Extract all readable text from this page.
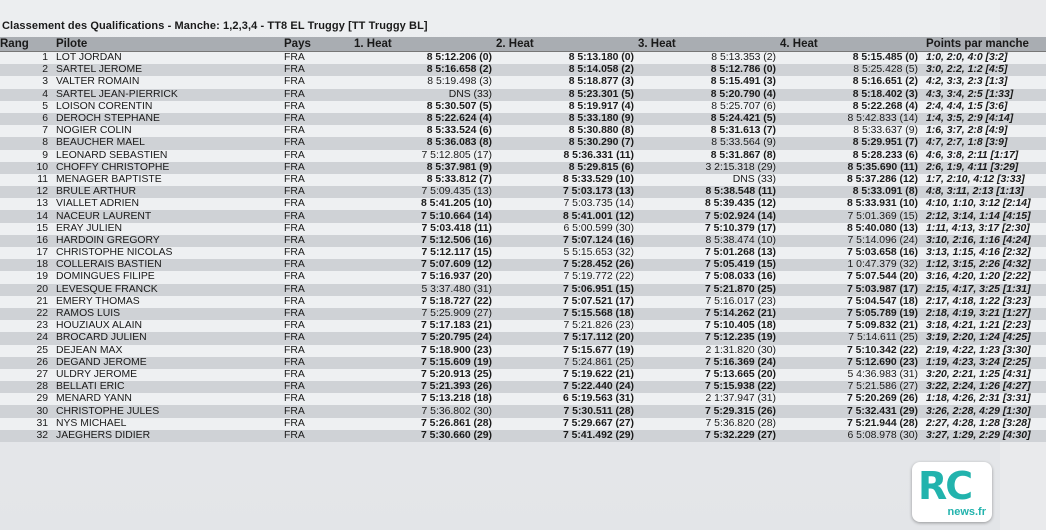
Classement des Qualifications - Manche: 1,2,3,4 - TT8 EL Truggy [TT Truggy BL]
Rang	Pilote	Pays	1. Heat	2. Heat	3. Heat	4. Heat	Points par manche
1	LOT JORDAN	FRA	8 5:12.206 (0)	8 5:13.180 (0)	8 5:13.353 (2)	8 5:15.485 (0)	1:0, 2:0, 4:0 [3:2]
2	SARTEL JEROME	FRA	8 5:16.658 (2)	8 5:14.058 (2)	8 5:12.786 (0)	8 5:25.428 (5)	3:0, 2:2, 1:2 [4:5]
3	VALTER ROMAIN	FRA	8 5:19.498 (3)	8 5:18.877 (3)	8 5:15.491 (3)	8 5:16.651 (2)	4:2, 3:3, 2:3 [1:3]
4	SARTEL JEAN-PIERRICK	FRA	DNS (33)	8 5:23.301 (5)	8 5:20.790 (4)	8 5:18.402 (3)	4:3, 3:4, 2:5 [1:33]
5	LOISON CORENTIN	FRA	8 5:30.507 (5)	8 5:19.917 (4)	8 5:25.707 (6)	8 5:22.268 (4)	2:4, 4:4, 1:5 [3:6]
6	DEROCH STEPHANE	FRA	8 5:22.624 (4)	8 5:33.180 (9)	8 5:24.421 (5)	8 5:42.833 (14)	1:4, 3:5, 2:9 [4:14]
7	NOGIER COLIN	FRA	8 5:33.524 (6)	8 5:30.880 (8)	8 5:31.613 (7)	8 5:33.637 (9)	1:6, 3:7, 2:8 [4:9]
8	BEAUCHER MAEL	FRA	8 5:36.083 (8)	8 5:30.290 (7)	8 5:33.564 (9)	8 5:29.951 (7)	4:7, 2:7, 1:8 [3:9]
9	LEONARD SEBASTIEN	FRA	7 5:12.805 (17)	8 5:36.331 (11)	8 5:31.867 (8)	8 5:28.233 (6)	4:6, 3:8, 2:11 [1:17]
10	CHOFFY CHRISTOPHE	FRA	8 5:37.981 (9)	8 5:29.815 (6)	3 2:15.318 (29)	8 5:35.690 (11)	2:6, 1:9, 4:11 [3:29]
11	MENAGER BAPTISTE	FRA	8 5:33.812 (7)	8 5:33.529 (10)	DNS (33)	8 5:37.286 (12)	1:7, 2:10, 4:12 [3:33]
12	BRULE ARTHUR	FRA	7 5:09.435 (13)	7 5:03.173 (13)	8 5:38.548 (11)	8 5:33.091 (8)	4:8, 3:11, 2:13 [1:13]
13	VIALLET ADRIEN	FRA	8 5:41.205 (10)	7 5:03.735 (14)	8 5:39.435 (12)	8 5:33.931 (10)	4:10, 1:10, 3:12 [2:14]
14	NACEUR LAURENT	FRA	7 5:10.664 (14)	8 5:41.001 (12)	7 5:02.924 (14)	7 5:01.369 (15)	2:12, 3:14, 1:14 [4:15]
15	ERAY JULIEN	FRA	7 5:03.418 (11)	6 5:00.599 (30)	7 5:10.379 (17)	8 5:40.080 (13)	1:11, 4:13, 3:17 [2:30]
16	HARDOIN GREGORY	FRA	7 5:12.506 (16)	7 5:07.124 (16)	8 5:38.474 (10)	7 5:14.096 (24)	3:10, 2:16, 1:16 [4:24]
17	CHRISTOPHE NICOLAS	FRA	7 5:12.117 (15)	5 5:15.653 (32)	7 5:01.268 (13)	7 5:03.658 (16)	3:13, 1:15, 4:16 [2:32]
18	COLLERAIS BASTIEN	FRA	7 5:07.609 (12)	7 5:28.452 (26)	7 5:05.419 (15)	1 0:47.379 (32)	1:12, 3:15, 2:26 [4:32]
19	DOMINGUES FILIPE	FRA	7 5:16.937 (20)	7 5:19.772 (22)	7 5:08.033 (16)	7 5:07.544 (20)	3:16, 4:20, 1:20 [2:22]
20	LEVESQUE FRANCK	FRA	5 3:37.480 (31)	7 5:06.951 (15)	7 5:21.870 (25)	7 5:03.987 (17)	2:15, 4:17, 3:25 [1:31]
21	EMERY THOMAS	FRA	7 5:18.727 (22)	7 5:07.521 (17)	7 5:16.017 (23)	7 5:04.547 (18)	2:17, 4:18, 1:22 [3:23]
22	RAMOS LUIS	FRA	7 5:25.909 (27)	7 5:15.568 (18)	7 5:14.262 (21)	7 5:05.789 (19)	2:18, 4:19, 3:21 [1:27]
23	HOUZIAUX ALAIN	FRA	7 5:17.183 (21)	7 5:21.826 (23)	7 5:10.405 (18)	7 5:09.832 (21)	3:18, 4:21, 1:21 [2:23]
24	BROCARD JULIEN	FRA	7 5:20.795 (24)	7 5:17.112 (20)	7 5:12.235 (19)	7 5:14.611 (25)	3:19, 2:20, 1:24 [4:25]
25	DEJEAN MAX	FRA	7 5:18.900 (23)	7 5:15.677 (19)	2 1:31.820 (30)	7 5:10.342 (22)	2:19, 4:22, 1:23 [3:30]
26	DEGAND JEROME	FRA	7 5:15.609 (19)	7 5:24.861 (25)	7 5:16.369 (24)	7 5:12.690 (23)	1:19, 4:23, 3:24 [2:25]
27	ULDRY JEROME	FRA	7 5:20.913 (25)	7 5:19.622 (21)	7 5:13.665 (20)	5 4:36.983 (31)	3:20, 2:21, 1:25 [4:31]
28	BELLATI ERIC	FRA	7 5:21.393 (26)	7 5:22.440 (24)	7 5:15.938 (22)	7 5:21.586 (27)	3:22, 2:24, 1:26 [4:27]
29	MENARD YANN	FRA	7 5:13.218 (18)	6 5:19.563 (31)	2 1:37.947 (31)	7 5:20.269 (26)	1:18, 4:26, 2:31 [3:31]
30	CHRISTOPHE JULES	FRA	7 5:36.802 (30)	7 5:30.511 (28)	7 5:29.315 (26)	7 5:32.431 (29)	3:26, 2:28, 4:29 [1:30]
31	NYS MICHAEL	FRA	7 5:26.861 (28)	7 5:29.667 (27)	7 5:36.820 (28)	7 5:21.944 (28)	2:27, 4:28, 1:28 [3:28]
32	JAEGHERS DIDIER	FRA	7 5:30.660 (29)	7 5:41.492 (29)	7 5:32.229 (27)	6 5:08.978 (30)	3:27, 1:29, 2:29 [4:30]
RC
news.fr
